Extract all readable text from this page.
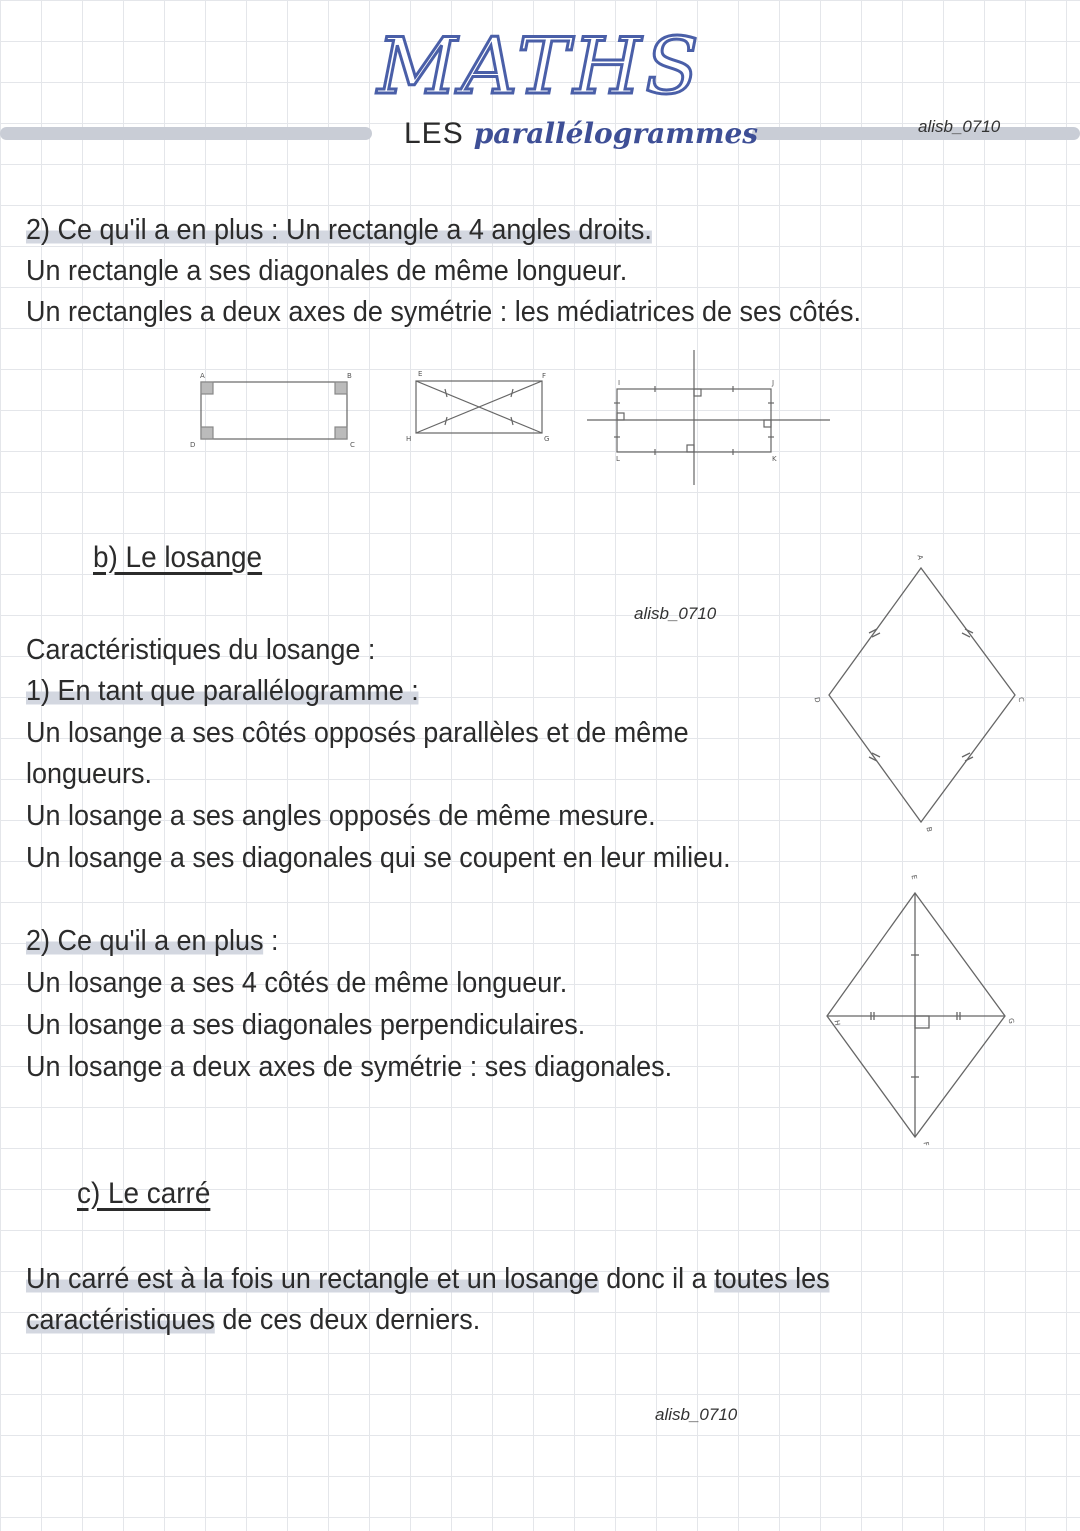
MATHS
LES parallélogrammes	alisb_0710
2) Ce qu'il a en plus : Un rectangle a 4 angles droits.
Un rectangle a ses diagonales de même longueur.
Un rectangles a deux axes de symétrie : les médiatrices de ses côtés.
A	B
C
D
E	F
G
H
I	J
K
L
b) Le losange
alisb_0710
Caractéristiques du losange :
1) En tant que parallélogramme :
Un losange a ses côtés opposés parallèles et de même
longueurs.
Un losange a ses angles opposés de même mesure.
Un losange a ses diagonales qui se coupent en leur milieu.
2) Ce qu'il a en plus :
Un losange a ses 4 côtés de même longueur.
Un losange a ses diagonales perpendiculaires.
Un losange a deux axes de symétrie : ses diagonales.
A
B
C
D
E
F
G
H
c) Le carré
Un carré est à la fois un rectangle et un losange donc il a toutes les
caractéristiques de ces deux derniers.
alisb_0710
